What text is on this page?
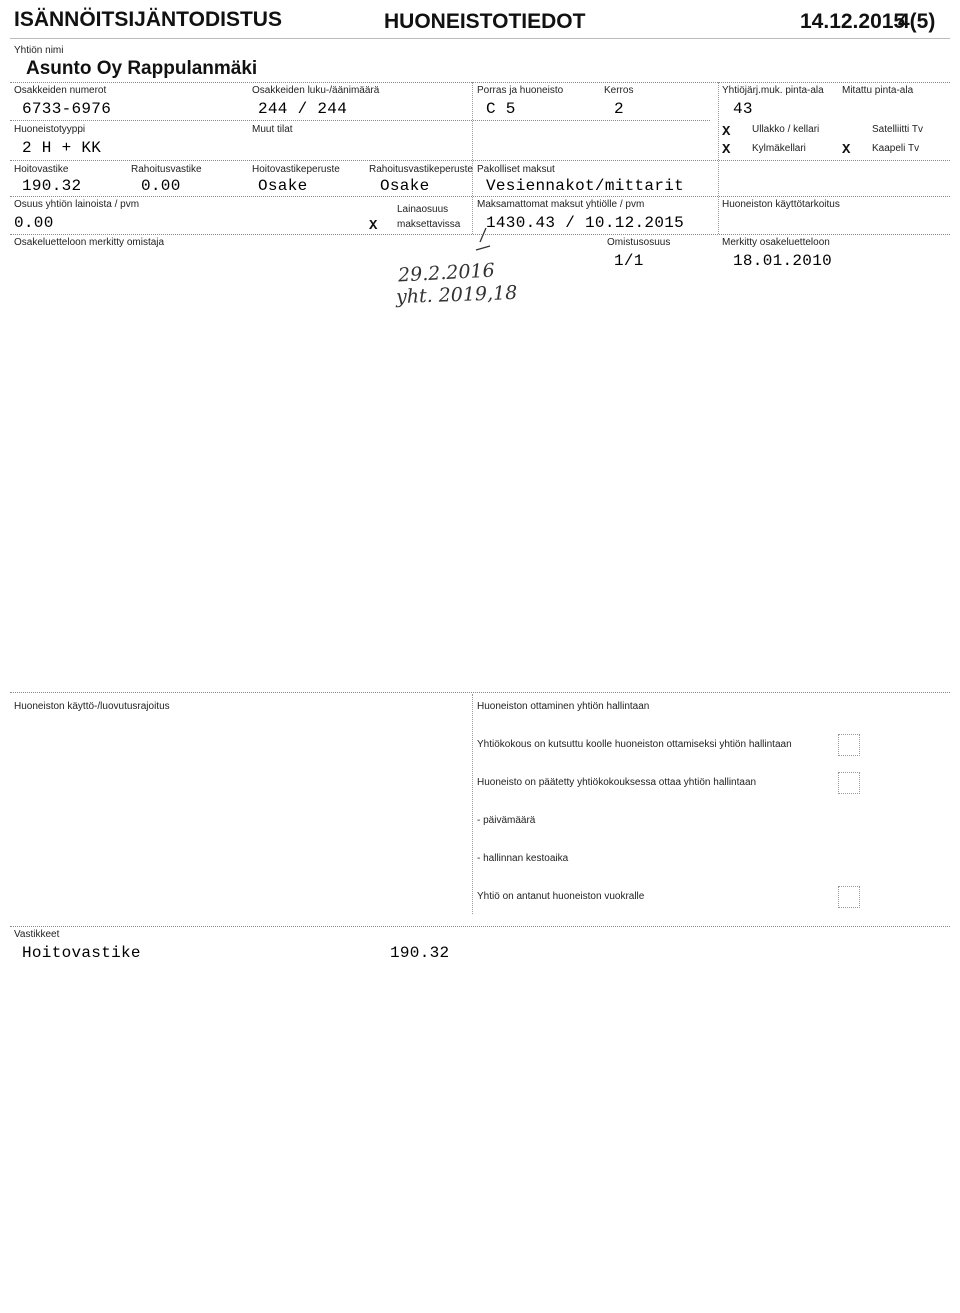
ISÄNNÖITSIJÄNTODISTUS	HUONEISTOTIEDOT	14.12.2015
4(5)
Yhtiön nimi
Asunto Oy Rappulanmäki
Osakkeiden numerot
6733-6976
Osakkeiden luku-/äänimäärä
244 / 244
Porras ja huoneisto
C 5
Kerros
2
Yhtiöjärj.muk. pinta-ala
43
Mitattu pinta-ala
Huoneistotyyppi
2 H + KK
Muut tilat	X Ullakko / kellari
X Kylmäkellari
Satelliitti Tv
X Kaapeli Tv
Hoitovastike
190.32
Rahoitusvastike
0.00
Hoitovastikeperuste
Osake
Rahoitusvastikeperuste
Osake
Pakolliset maksut
Vesiennakot/mittarit
Osuus yhtiön lainoista / pvm
0.00	X
Lainaosuus
maksettavissa
Maksamattomat maksut yhtiölle / pvm
1430.43 / 10.12.2015
Huoneiston käyttötarkoitus
Osakeluetteloon merkitty omistaja	Omistusosuus
1/1
Merkitty osakeluetteloon
18.01.2010
29.2.2016
yht. 2019,18
Huoneiston käyttö-/luovutusrajoitus	Huoneiston ottaminen yhtiön hallintaan
Yhtiökokous on kutsuttu koolle huoneiston ottamiseksi yhtiön hallintaan
Huoneisto on päätetty yhtiökokouksessa ottaa yhtiön hallintaan
- päivämäärä
- hallinnan kestoaika
Yhtiö on antanut huoneiston vuokralle
Vastikkeet
Hoitovastike	190.32
